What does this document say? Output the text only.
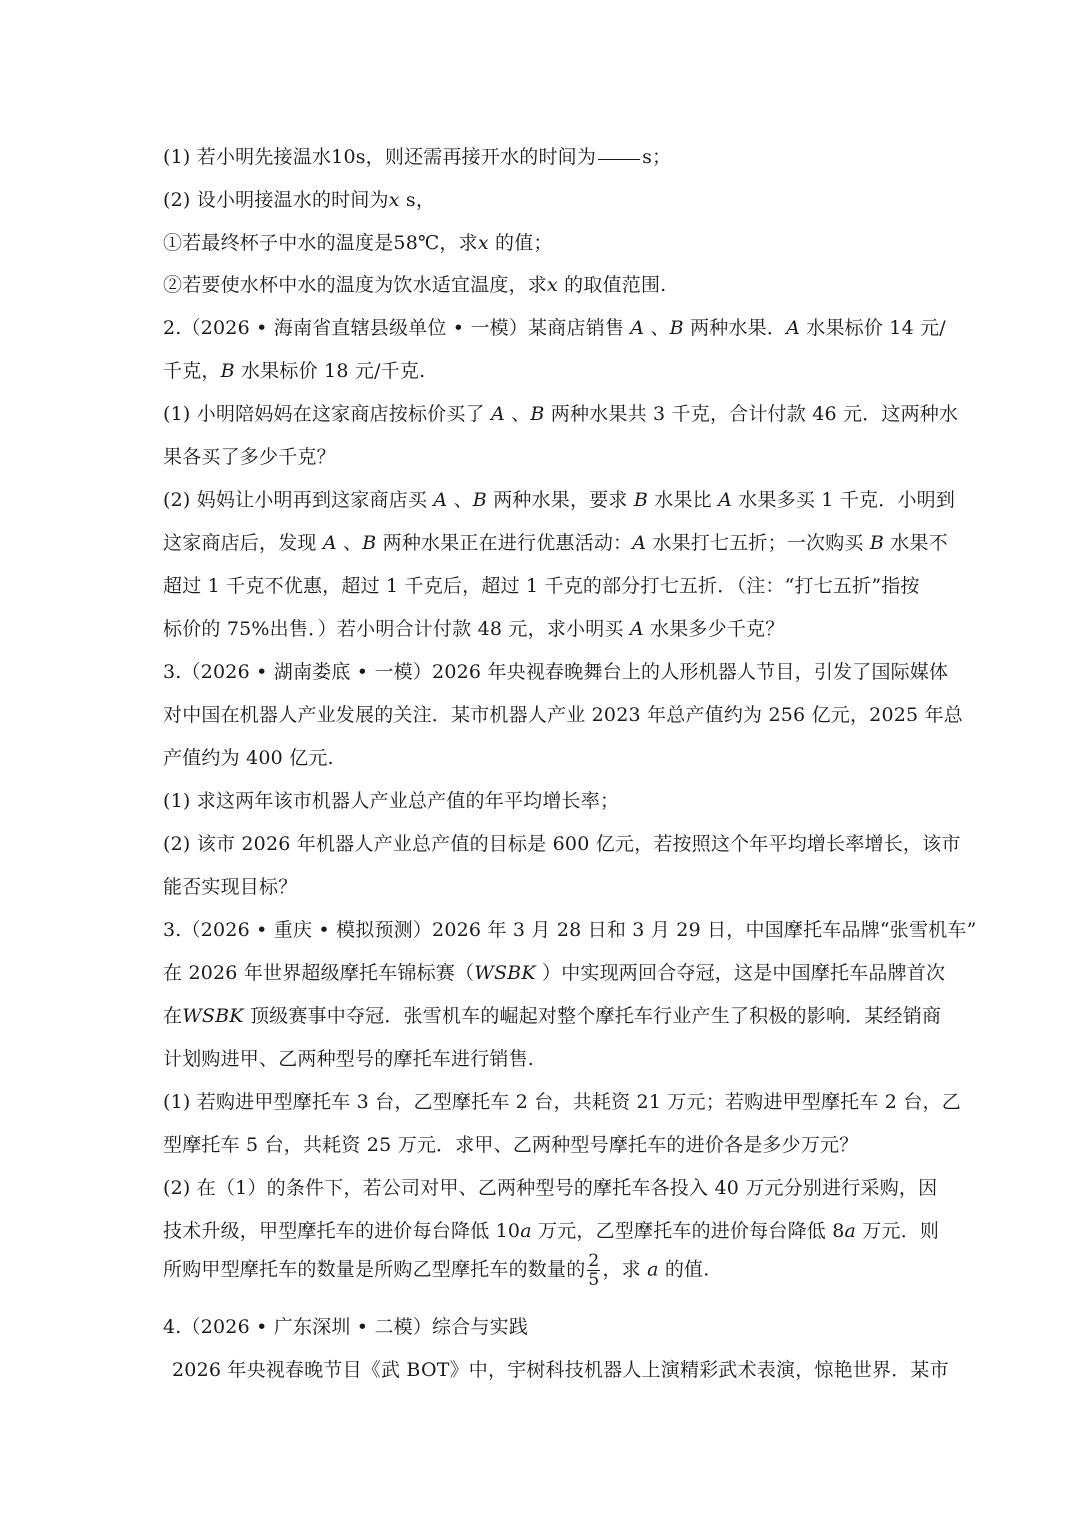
(1) 若小明先接温水10s，则还需再接开水的时间为 s；
(2) 设小明接温水的时间为x s，
①若最终杯子中水的温度是58℃，求x 的值；
②若要使水杯中水的温度为饮水适宜温度，求x 的取值范围.
2.（2026 • 海南省直辖县级单位 • 一模）某商店销售 A 、B 两种水果．A 水果标价 14 元/
千克，B 水果标价 18 元/千克.
(1) 小明陪妈妈在这家商店按标价买了 A 、B 两种水果共 3 千克，合计付款 46 元．这两种水
果各买了多少千克？
(2) 妈妈让小明再到这家商店买 A 、B 两种水果，要求 B 水果比 A 水果多买 1 千克．小明到
这家商店后，发现 A 、B 两种水果正在进行优惠活动：A 水果打七五折；一次购买 B 水果不
超过 1 千克不优惠，超过 1 千克后，超过 1 千克的部分打七五折．（注：“打七五折”指按
标价的 75%出售．）若小明合计付款 48 元，求小明买 A 水果多少千克？
3.（2026 • 湖南娄底 • 一模）2026 年央视春晚舞台上的人形机器人节目，引发了国际媒体
对中国在机器人产业发展的关注．某市机器人产业 2023 年总产值约为 256 亿元，2025 年总
产值约为 400 亿元.
(1) 求这两年该市机器人产业总产值的年平均增长率；
(2) 该市 2026 年机器人产业总产值的目标是 600 亿元，若按照这个年平均增长率增长，该市
能否实现目标？
3.（2026 • 重庆 • 模拟预测）2026 年 3 月 28 日和 3 月 29 日，中国摩托车品牌“张雪机车”
在 2026 年世界超级摩托车锦标赛（WSBK ）中实现两回合夺冠，这是中国摩托车品牌首次
在WSBK 顶级赛事中夺冠．张雪机车的崛起对整个摩托车行业产生了积极的影响．某经销商
计划购进甲、乙两种型号的摩托车进行销售.
(1) 若购进甲型摩托车 3 台，乙型摩托车 2 台，共耗资 21 万元；若购进甲型摩托车 2 台，乙
型摩托车 5 台，共耗资 25 万元．求甲、乙两种型号摩托车的进价各是多少万元？
(2) 在（1）的条件下，若公司对甲、乙两种型号的摩托车各投入 40 万元分别进行采购，因
技术升级，甲型摩托车的进价每台降低 10a 万元，乙型摩托车的进价每台降低 8a 万元．则
所购甲型摩托车的数量是所购乙型摩托车的数量的 $\frac{2}{5}$ ，求 a 的值.
4.（2026 • 广东深圳 • 二模）综合与实践
2026 年央视春晚节目《武 BOT》中，宇树科技机器人上演精彩武术表演，惊艳世界．某市
